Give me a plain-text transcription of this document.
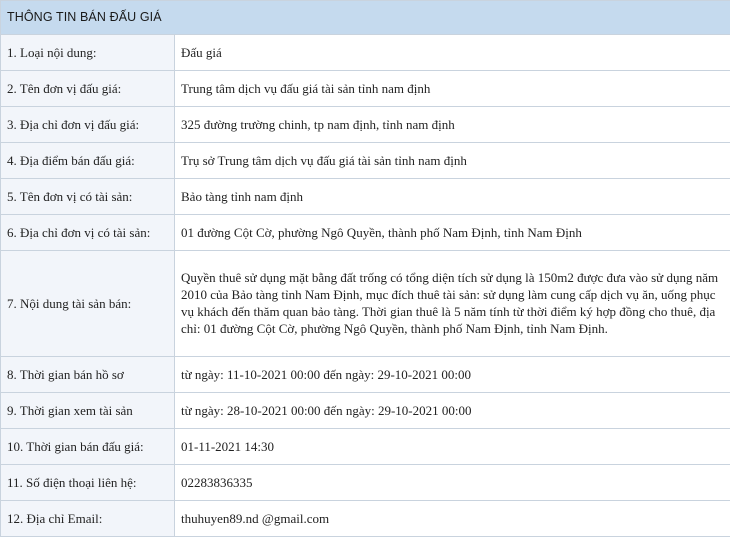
THÔNG TIN BÁN ĐẤU GIÁ	
1. Loại nội dung:	Đấu giá
2. Tên đơn vị đấu giá:	Trung tâm dịch vụ đấu giá tài sản tỉnh nam định
3. Địa chỉ đơn vị đấu giá:	325 đường trường chinh, tp nam định, tỉnh nam định
4. Địa điểm bán đấu giá:	Trụ sở Trung tâm dịch vụ đấu giá tài sản tỉnh nam định
5. Tên đơn vị có tài sản:	Bảo tàng tỉnh nam định
6. Địa chỉ đơn vị có tài sản:	01 đường Cột Cờ, phường Ngô Quyền, thành phố Nam Định, tỉnh Nam Định
7. Nội dung tài sản bán:	Quyền thuê sử dụng mặt bằng đất trống có tổng diện tích sử dụng là 150m2 được đưa vào sử dụng năm 2010 của Bảo tàng tỉnh Nam Định, mục đích thuê tài sản: sử dụng làm cung cấp dịch vụ ăn, uống phục vụ khách đến thăm quan bảo tàng. Thời gian thuê là 5 năm tính từ thời điểm ký hợp đồng cho thuê, địa chỉ: 01 đường Cột Cờ, phường Ngô Quyền, thành phố Nam Định, tỉnh Nam Định.
8. Thời gian bán hồ sơ	từ ngày: 11-10-2021 00:00 đến ngày: 29-10-2021 00:00
9. Thời gian xem tài sản	từ ngày: 28-10-2021 00:00 đến ngày: 29-10-2021 00:00
10. Thời gian bán đấu giá:	01-11-2021 14:30
11. Số điện thoại liên hệ:	02283836335
12. Địa chỉ Email:	thuhuyen89.nd @gmail.com
